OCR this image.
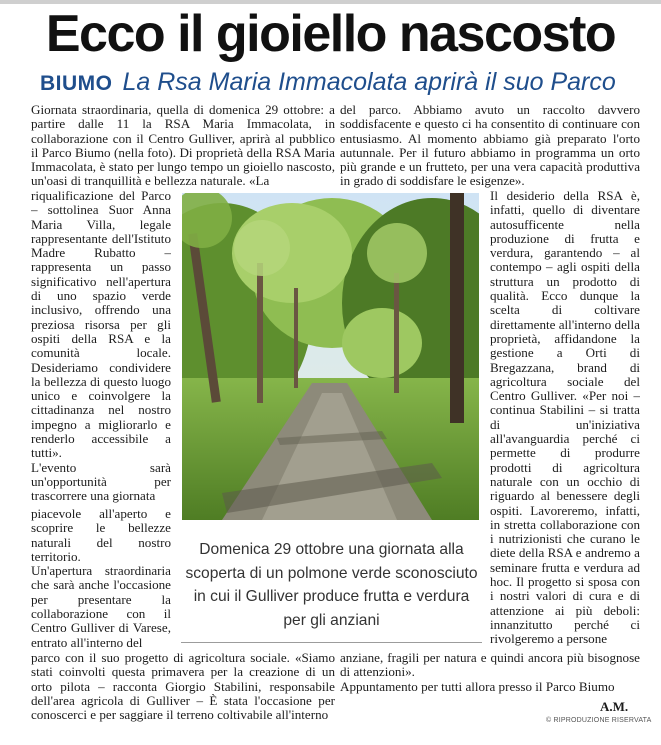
Ecco il gioiello nascosto
BIUMO La Rsa Maria Immacolata aprirà il suo Parco

Giornata straordinaria, quella di domenica 29 ottobre: a partire dalle 11 la RSA Maria Immacolata, in collaborazione con il Centro Gulliver, aprirà al pubblico il Parco Biumo (nella foto). Di proprietà della RSA Maria Immacolata, è stato per lungo tempo un gioiello nascosto, un'oasi di tranquillità e bellezza naturale. «La

riqualificazione del Parco – sottolinea Suor Anna Maria Villa, legale rappresentante dell'Istituto Madre Rubatto – rappresenta un passo significativo nell'apertura di uno spazio verde inclusivo, offrendo una preziosa risorsa per gli ospiti della RSA e la comunità locale. Desideriamo condividere la bellezza di questo luogo unico e coinvolgere la cittadinanza nel nostro impegno a migliorarlo e renderlo accessibile a tutti».

L'evento sarà un'opportunità per trascorrere una giornata

piacevole all'aperto e scoprire le bellezze naturali del nostro territorio.

Un'apertura straordinaria che sarà anche l'occasione per presentare la collaborazione con il Centro Gulliver di Varese, entrato all'interno del

parco con il suo progetto di agricoltura sociale. «Siamo stati coinvolti questa primavera per la creazione di un orto pilota – racconta Giorgio Stabilini, responsabile dell'area agricola di Gulliver – È stata l'occasione per conoscerci e per saggiare il terreno coltivabile all'interno

del parco. Abbiamo avuto un raccolto davvero soddisfacente e questo ci ha consentito di continuare con entusiasmo. Al momento abbiamo già preparato l'orto autunnale. Per il futuro abbiamo in programma un orto più grande e un frutteto, per una vera capacità produttiva in grado di soddisfare le esigenze».

Il desiderio della RSA è, infatti, quello di diventare autosufficente nella produzione di frutta e verdura, garantendo – al contempo – agli ospiti della struttura un prodotto di qualità. Ecco dunque la scelta di coltivare direttamente all'interno della proprietà, affidandone la gestione a Orti di Bregazzana, brand di agricoltura sociale del Centro Gulliver. «Per noi – continua Stabilini – si tratta di un'iniziativa all'avanguardia perché ci permette di produrre prodotti di agricoltura naturale con un occhio di riguardo al benessere degli ospiti. Lavoreremo, infatti, in stretta collaborazione con i nutrizionisti che curano le diete della RSA e andremo a seminare frutta e verdura ad hoc. Il progetto si sposa con i nostri valori di cura e di attenzione ai più deboli: innanzitutto perché ci rivolgeremo a persone

anziane, fragili per natura e quindi ancora più bisognose di attenzioni».

Appuntamento per tutti allora presso il Parco Biumo

Domenica 29 ottobre una giornata alla scoperta di un polmone verde sconosciuto in cui il Gulliver produce frutta e verdura per gli anziani
A.M.
© RIPRODUZIONE RISERVATA
